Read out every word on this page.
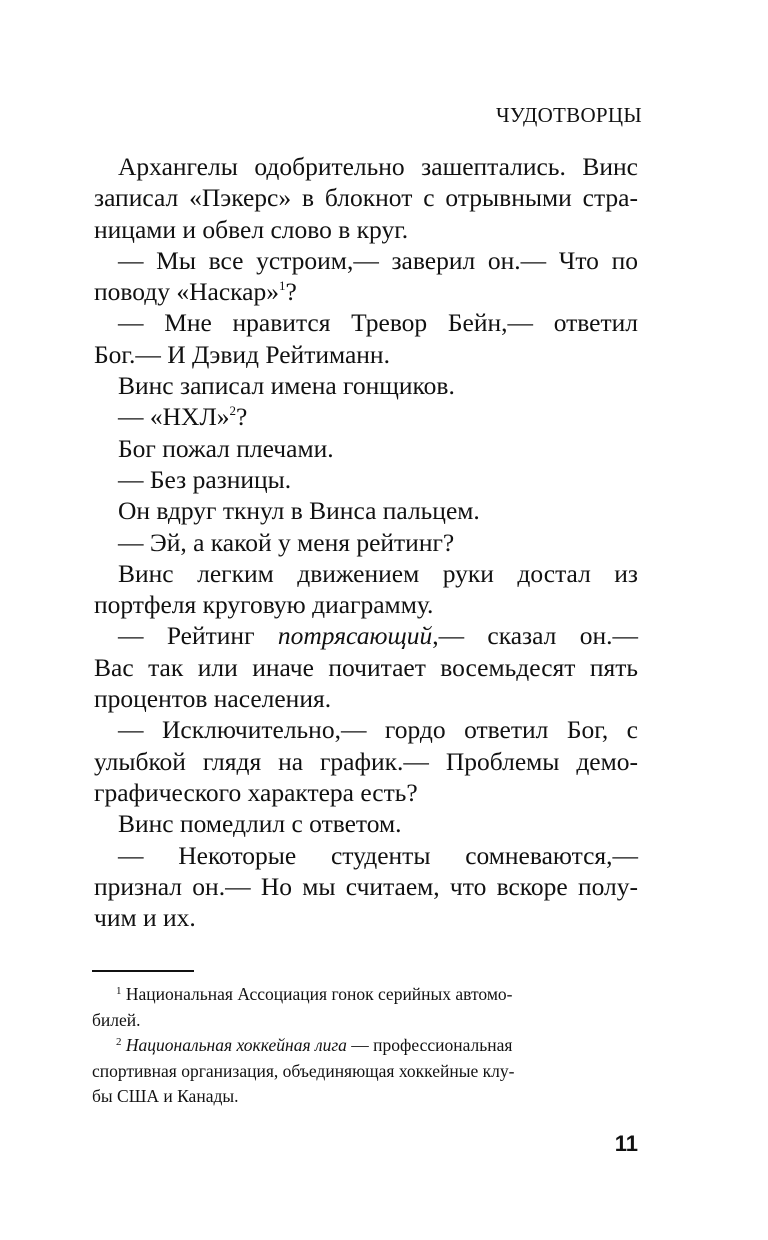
ЧУДОТВОРЦЫ

Архангелы одобрительно зашептались. Винс

записал «Пэкерс» в блокнот с отрывными стра-

ницами и обвел слово в круг.

— Мы все устроим,— заверил он.— Что по

поводу «Наскар»$^1$?

— Мне нравится Тревор Бейн,— ответил

Бог.— И Дэвид Рейтиманн.

Винс записал имена гонщиков.

— «НХЛ»$^2$?

Бог пожал плечами.

— Без разницы.

Он вдруг ткнул в Винса пальцем.

— Эй, а какой у меня рейтинг?

Винс легким движением руки достал из

портфеля круговую диаграмму.

— Рейтинг потрясающий,— сказал он.—

Вас так или иначе почитает восемьдесят пять

процентов населения.

— Исключительно,— гордо ответил Бог, с

улыбкой глядя на график.— Проблемы демо-

графического характера есть?

Винс помедлил с ответом.

— Некоторые студенты сомневаются,—

признал он.— Но мы считаем, что вскоре полу-

чим и их.

$^1$ Национальная Ассоциация гонок серийных автомо-

билей.

$^2$ Национальная хоккейная лига — профессиональная

спортивная организация, объединяющая хоккейные клу-

бы США и Канады.

11
